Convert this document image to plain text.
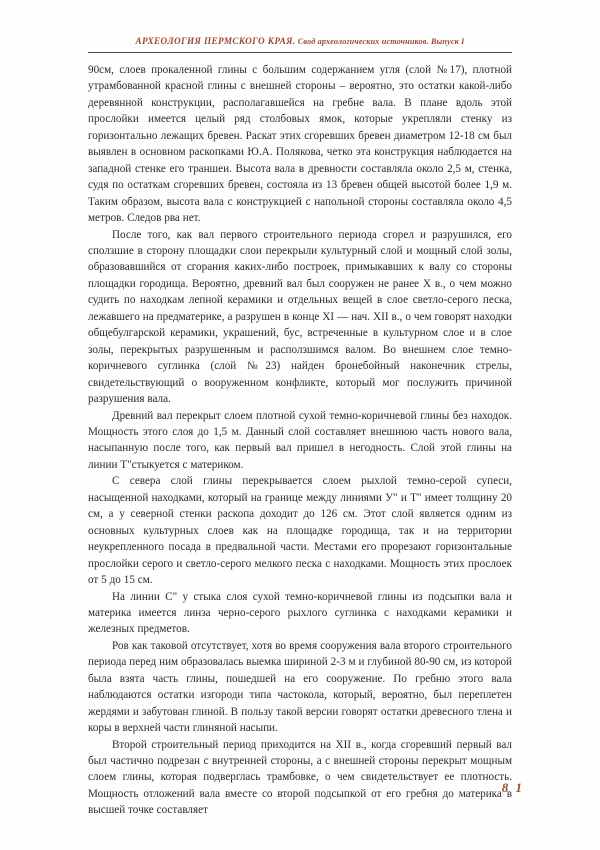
АРХЕОЛОГИЯ ПЕРМСКОГО КРАЯ. Свод археологических источников. Выпуск I

90см, слоев прокаленной глины с большим содержанием угля (слой №17), плотной утрамбованной красной глины с внешней стороны – вероятно, это остатки какой-либо деревянной конструкции, располагавшейся на гребне вала. В плане вдоль этой прослойки имеется целый ряд столбовых ямок, которые укрепляли стенку из горизонтально лежащих бревен. Раскат этих сгоревших бревен диаметром 12-18 см был выявлен в основном раскопками Ю.А. Полякова, четко эта конструкция наблюдается на западной стенке его траншеи. Высота вала в древности составляла около 2,5 м, стенка, судя по остаткам сгоревших бревен, состояла из 13 бревен общей высотой более 1,9 м. Таким образом, высота вала с конструкцией с напольной стороны составляла около 4,5 метров. Следов рва нет.

После того, как вал первого строительного периода сгорел и разрушился, его сползшие в сторону площадки слои перекрыли культурный слой и мощный слой золы, образовавшийся от сгорания каких-либо построек, примыкавших к валу со стороны площадки городища. Вероятно, древний вал был сооружен не ранее X в., о чем можно судить по находкам лепной керамики и отдельных вещей в слое светло-серого песка, лежавшего на предматерике, а разрушен в конце XI — нач. XII в., о чем говорят находки общебулгарской керамики, украшений, бус, встреченные в культурном слое и в слое золы, перекрытых разрушенным и расползшимся валом. Во внешнем слое темно-коричневого суглинка (слой №23) найден бронебойный наконечник стрелы, свидетельствующий о вооруженном конфликте, который мог послужить причиной разрушения вала.

Древний вал перекрыт слоем плотной сухой темно-коричневой глины без находок. Мощность этого слоя до 1,5 м. Данный слой составляет внешнюю часть нового вала, насыпанную после того, как первый вал пришел в негодность. Слой этой глины на линии Т"стыкуется с материком.

С севера слой глины перекрывается слоем рыхлой темно-серой супеси, насыщенной находками, который на границе между линиями У" и Т" имеет толщину 20 см, а у северной стенки раскопа доходит до 126 см. Этот слой является одним из основных культурных слоев как на площадке городища, так и на территории неукрепленного посада в предвальной части. Местами его прорезают горизонтальные прослойки серого и светло-серого мелкого песка с находками. Мощность этих прослоек от 5 до 15 см.

На линии С" у стыка слоя сухой темно-коричневой глины из подсыпки вала и материка имеется линза черно-серого рыхлого суглинка с находками керамики и железных предметов.

Ров как таковой отсутствует, хотя во время сооружения вала второго строительного периода перед ним образовалась выемка шириной 2-3 м и глубиной 80-90 см, из которой была взята часть глины, пошедшей на его сооружение. По гребню этого вала наблюдаются остатки изгороди типа частокола, который, вероятно, был переплетен жердями и забутован глиной. В пользу такой версии говорят остатки древесного тлена и коры в верхней части глиняной насыпи.

Второй строительный период приходится на XII в., когда сгоревший первый вал был частично подрезан с внутренней стороны, а с внешней стороны перекрыт мощным слоем глины, которая подверглась трамбовке, о чем свидетельствует ее плотность. Мощность отложений вала вместе со второй подсыпкой от его гребня до материка в высшей точке составляет

8 1
